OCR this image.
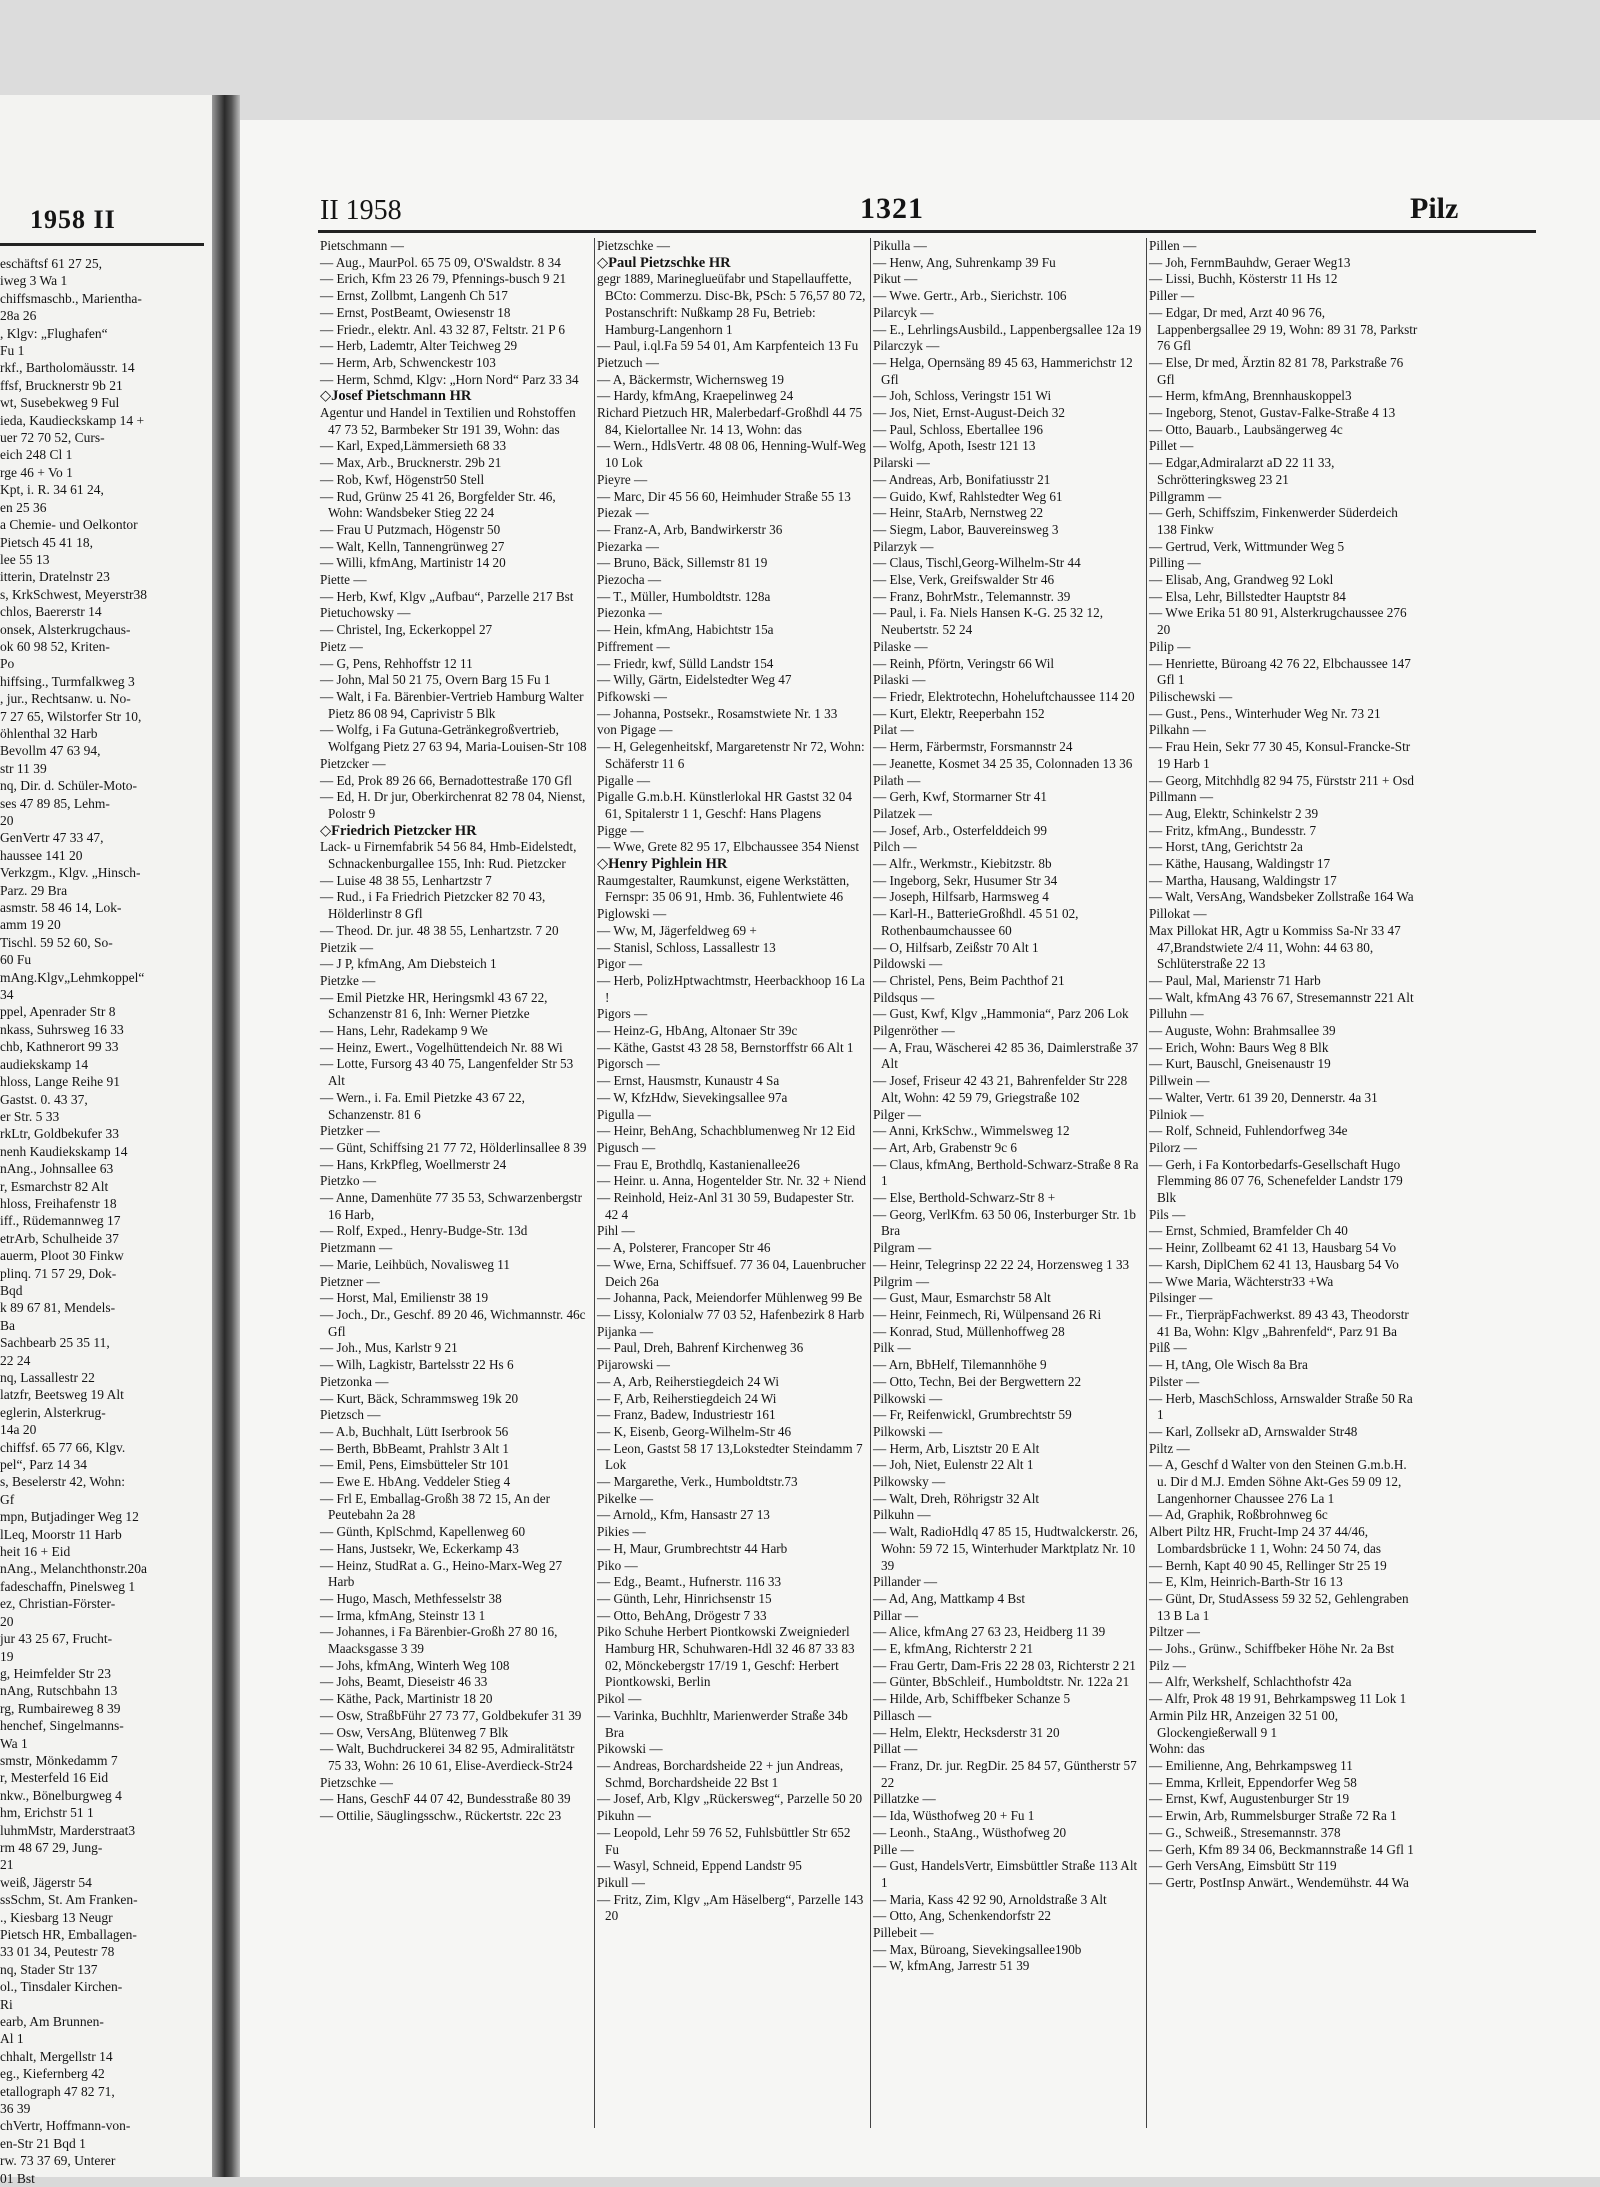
1958 II
eschäftsf 61 27 25,
iweg 3 Wa 1
chiffsmaschb., Marientha-
28a 26
, Klgv: „Flughafen“
Fu 1
rkf., Bartholomäusstr. 14
ffsf, Brucknerstr 9b 21
wt, Susebekweg 9 Ful
ieda, Kaudieckskamp 14 +
uer 72 70 52, Curs-
eich 248 Cl 1
rge 46 + Vo 1
Kpt, i. R. 34 61 24,
en 25 36
a Chemie- und Oelkontor
Pietsch 45 41 18,
lee 55 13
itterin, Dratelnstr 23
s, KrkSchwest, Meyerstr38
chlos, Baererstr 14
onsek, Alsterkrugchaus-
ok 60 98 52, Kriten-
Po
hiffsing., Turmfalkweg 3
, jur., Rechtsanw. u. No-
7 27 65, Wilstorfer Str 10,
öhlenthal 32 Harb
Bevollm 47 63 94,
str 11 39
nq, Dir. d. Schüler-Moto-
ses 47 89 85, Lehm-
20
GenVertr 47 33 47,
haussee 141 20
Verkzgm., Klgv. „Hinsch-
Parz. 29 Bra
asmstr. 58 46 14, Lok-
amm 19 20
Tischl. 59 52 60, So-
60 Fu
mAng.Klgv„Lehmkoppel“
34
ppel, Apenrader Str 8
nkass, Suhrsweg 16 33
chb, Kathnerort 99 33
audiekskamp 14
hloss, Lange Reihe 91
Gastst. 0. 43 37,
er Str. 5 33
rkLtr, Goldbekufer 33
nenh Kaudiekskamp 14
nAng., Johnsallee 63
r, Esmarchstr 82 Alt
hloss, Freihafenstr 18
iff., Rüdemannweg 17
etrArb, Schulheide 37
auerm, Ploot 30 Finkw
plinq. 71 57 29, Dok-
Bqd
k 89 67 81, Mendels-
Ba
Sachbearb 25 35 11,
22 24
nq, Lassallestr 22
latzfr, Beetsweg 19 Alt
eglerin, Alsterkrug-
14a 20
chiffsf. 65 77 66, Klgv.
pel“, Parz 14 34
s, Beselerstr 42, Wohn:
Gf
mpn, Butjadinger Weg 12
lLeq, Moorstr 11 Harb
heit 16 + Eid
nAng., Melanchthonstr.20a
fadeschaffn, Pinelsweg 1
ez, Christian-Förster-
20
jur 43 25 67, Frucht-
19
g, Heimfelder Str 23
nAng, Rutschbahn 13
rg, Rumbaireweg 8 39
henchef, Singelmanns-
Wa 1
smstr, Mönkedamm 7
r, Mesterfeld 16 Eid
nkw., Bönelburgweg 4
hm, Erichstr 51 1
luhmMstr, Marderstraat3
rm 48 67 29, Jung-
21
weiß, Jägerstr 54
ssSchm, St. Am Franken-
., Kiesbarg 13 Neugr
Pietsch HR, Emballagen-
33 01 34, Peutestr 78
nq, Stader Str 137
ol., Tinsdaler Kirchen-
Ri
earb, Am Brunnen-
Al 1
chhalt, Mergellstr 14
eg., Kiefernberg 42
etallograph 47 82 71,
36 39
chVertr, Hoffmann-von-
en-Str 21 Bqd 1
rw. 73 37 69, Unterer
01 Bst
II 1958	1321	Pilz
Pietschmann —
— Aug., MaurPol. 65 75 09, O'Swaldstr. 8 34
— Erich, Kfm 23 26 79, Pfennings-busch 9 21
— Ernst, Zollbmt, Langenh Ch 517
— Ernst, PostBeamt, Owiesenstr 18
— Friedr., elektr. Anl. 43 32 87, Feltstr. 21 P 6
— Herb, Lademtr, Alter Teichweg 29
— Herm, Arb, Schwenckestr 103
— Herm, Schmd, Klgv: „Horn Nord“ Parz 33 34
◇ Josef Pietschmann HR
Agentur und Handel in Textilien und Rohstoffen 47 73 52, Barmbeker Str 191 39, Wohn: das
— Karl, Exped,Lämmersieth 68 33
— Max, Arb., Brucknerstr. 29b 21
— Rob, Kwf, Högenstr50 Stell
— Rud, Grünw 25 41 26, Borgfelder Str. 46, Wohn: Wandsbeker Stieg 22 24
— Frau U Putzmach, Högenstr 50
— Walt, Kelln, Tannengrünweg 27
— Willi, kfmAng, Martinistr 14 20
Piette —
— Herb, Kwf, Klgv „Aufbau“, Parzelle 217 Bst
Pietuchowsky —
— Christel, Ing, Eckerkoppel 27
Pietz —
— G, Pens, Rehhoffstr 12 11
— John, Mal 50 21 75, Overn Barg 15 Fu 1
— Walt, i Fa. Bärenbier-Vertrieb Hamburg Walter Pietz 86 08 94, Caprivistr 5 Blk
— Wolfg, i Fa Gutuna-Getränkegroßvertrieb, Wolfgang Pietz 27 63 94, Maria-Louisen-Str 108
Pietzcker —
— Ed, Prok 89 26 66, Bernadottestraße 170 Gfl
— Ed, H. Dr jur, Oberkirchenrat 82 78 04, Nienst, Polostr 9
◇ Friedrich Pietzcker HR
Lack- u Firnemfabrik 54 56 84, Hmb-Eidelstedt, Schnackenburgallee 155, Inh: Rud. Pietzcker
— Luise 48 38 55, Lenhartzstr 7
— Rud., i Fa Friedrich Pietzcker 82 70 43, Hölderlinstr 8 Gfl
— Theod. Dr. jur. 48 38 55, Lenhartzstr. 7 20
Pietzik —
— J P, kfmAng, Am Diebsteich 1
Pietzke —
— Emil Pietzke HR, Heringsmkl 43 67 22, Schanzenstr 81 6, Inh: Werner Pietzke
— Hans, Lehr, Radekamp 9 We
— Heinz, Ewert., Vogelhüttendeich Nr. 88 Wi
— Lotte, Fursorg 43 40 75, Langenfelder Str 53 Alt
— Wern., i. Fa. Emil Pietzke 43 67 22, Schanzenstr. 81 6
Pietzker —
— Günt, Schiffsing 21 77 72, Hölderlinsallee 8 39
— Hans, KrkPfleg, Woellmerstr 24
Pietzko —
— Anne, Damenhüte 77 35 53, Schwarzenbergstr 16 Harb,
— Rolf, Exped., Henry-Budge-Str. 13d
Pietzmann —
— Marie, Leihbüch, Novalisweg 11
Pietzner —
— Horst, Mal, Emilienstr 38 19
— Joch., Dr., Geschf. 89 20 46, Wichmannstr. 46c Gfl
— Joh., Mus, Karlstr 9 21
— Wilh, Lagkistr, Bartelsstr 22 Hs 6
Pietzonka —
— Kurt, Bäck, Schrammsweg 19k 20
Pietzsch —
— A.b, Buchhalt, Lütt Iserbrook 56
— Berth, BbBeamt, Prahlstr 3 Alt 1
— Emil, Pens, Eimsbütteler Str 101
— Ewe E. HbAng. Veddeler Stieg 4
— Frl E, Emballag-Großh 38 72 15, An der Peutebahn 2a 28
— Günth, KplSchmd, Kapellenweg 60
— Hans, Justsekr, We, Eckerkamp 43
— Heinz, StudRat a. G., Heino-Marx-Weg 27 Harb
— Hugo, Masch, Methfesselstr 38
— Irma, kfmAng, Steinstr 13 1
— Johannes, i Fa Bärenbier-Großh 27 80 16, Maacksgasse 3 39
— Johs, kfmAng, Winterh Weg 108
— Johs, Beamt, Dieseistr 46 33
— Käthe, Pack, Martinistr 18 20
— Osw, StraßbFühr 27 73 77, Goldbekufer 31 39
— Osw, VersAng, Blütenweg 7 Blk
— Walt, Buchdruckerei 34 82 95, Admiralitätstr 75 33, Wohn: 26 10 61, Elise-Averdieck-Str24
Pietzschke —
— Hans, GeschF 44 07 42, Bundesstraße 80 39
— Ottilie, Säuglingsschw., Rückertstr. 22c 23
Pietzschke —
◇ Paul Pietzschke HR
gegr 1889, Marineglueüfabr und Stapellauffette, BCto: Commerzu. Disc-Bk, PSch: 5 76,57 80 72, Postanschrift: Nußkamp 28 Fu, Betrieb: Hamburg-Langenhorn 1
— Paul, i.ql.Fa 59 54 01, Am Karpfenteich 13 Fu
Pietzuch —
— A, Bäckermstr, Wichernsweg 19
— Hardy, kfmAng, Kraepelinweg 24
Richard Pietzuch HR, Malerbedarf-Großhdl 44 75 84, Kielortallee Nr. 14 13, Wohn: das
— Wern., HdlsVertr. 48 08 06, Henning-Wulf-Weg 10 Lok
Pieyre —
— Marc, Dir 45 56 60, Heimhuder Straße 55 13
Piezak —
— Franz-A, Arb, Bandwirkerstr 36
Piezarka —
— Bruno, Bäck, Sillemstr 81 19
Piezocha —
— T., Müller, Humboldtstr. 128a
Piezonka —
— Hein, kfmAng, Habichtstr 15a
Piffrement —
— Friedr, kwf, Sülld Landstr 154
— Willy, Gärtn, Eidelstedter Weg 47
Pifkowski —
— Johanna, Postsekr., Rosamstwiete Nr. 1 33
von Pigage —
— H, Gelegenheitskf, Margaretenstr Nr 72, Wohn: Schäferstr 11 6
Pigalle —
Pigalle G.m.b.H. Künstlerlokal HR Gastst 32 04 61, Spitalerstr 1 1, Geschf: Hans Plagens
Pigge —
— Wwe, Grete 82 95 17, Elbchaussee 354 Nienst
◇ Henry Pighlein HR
Raumgestalter, Raumkunst, eigene Werkstätten, Fernspr: 35 06 91, Hmb. 36, Fuhlentwiete 46
Piglowski —
— Ww, M, Jägerfeldweg 69 +
— Stanisl, Schloss, Lassallestr 13
Pigor —
— Herb, PolizHptwachtmstr, Heerbackhoop 16 La !
Pigors —
— Heinz-G, HbAng, Altonaer Str 39c
— Käthe, Gastst 43 28 58, Bernstorffstr 66 Alt 1
Pigorsch —
— Ernst, Hausmstr, Kunaustr 4 Sa
— W, KfzHdw, Sievekingsallee 97a
Pigulla —
— Heinr, BehAng, Schachblumenweg Nr 12 Eid
Pigusch —
— Frau E, Brothdlq, Kastanienallee26
— Heinr. u. Anna, Hogentelder Str. Nr. 32 + Niend
— Reinhold, Heiz-Anl 31 30 59, Budapester Str. 42 4
Pihl —
— A, Polsterer, Francoper Str 46
— Wwe, Erna, Schiffsuef. 77 36 04, Lauenbrucher Deich 26a
— Johanna, Pack, Meiendorfer Mühlenweg 99 Be
— Lissy, Kolonialw 77 03 52, Hafenbezirk 8 Harb
Pijanka —
— Paul, Dreh, Bahrenf Kirchenweg 36
Pijarowski —
— A, Arb, Reiherstiegdeich 24 Wi
— F, Arb, Reiherstiegdeich 24 Wi
— Franz, Badew, Industriestr 161
— K, Eisenb, Georg-Wilhelm-Str 46
— Leon, Gastst 58 17 13,Lokstedter Steindamm 7 Lok
— Margarethe, Verk., Humboldtstr.73
Pikelke —
— Arnold,, Kfm, Hansastr 27 13
Pikies —
— H, Maur, Grumbrechtstr 44 Harb
Piko —
— Edg., Beamt., Hufnerstr. 116 33
— Günth, Lehr, Hinrichsenstr 15
— Otto, BehAng, Drögestr 7 33
Piko Schuhe Herbert Piontkowski Zweigniederl Hamburg HR, Schuhwaren-Hdl 32 46 87 33 83 02, Mönckebergstr 17/19 1, Geschf: Herbert Piontkowski, Berlin
Pikol —
— Varinka, Buchhltr, Marienwerder Straße 34b Bra
Pikowski —
— Andreas, Borchardsheide 22 + jun Andreas, Schmd, Borchardsheide 22 Bst 1
— Josef, Arb, Klgv „Rückersweg“, Parzelle 50 20
Pikuhn —
— Leopold, Lehr 59 76 52, Fuhlsbüttler Str 652 Fu
— Wasyl, Schneid, Eppend Landstr 95
Pikull —
— Fritz, Zim, Klgv „Am Häselberg“, Parzelle 143 20
Pikulla —
— Henw, Ang, Suhrenkamp 39 Fu
Pikut —
— Wwe. Gertr., Arb., Sierichstr. 106
Pilarcyk —
— E., LehrlingsAusbild., Lappenbergsallee 12a 19
Pilarczyk —
— Helga, Opernsäng 89 45 63, Hammerichstr 12 Gfl
— Joh, Schloss, Veringstr 151 Wi
— Jos, Niet, Ernst-August-Deich 32
— Paul, Schloss, Ebertallee 196
— Wolfg, Apoth, Isestr 121 13
Pilarski —
— Andreas, Arb, Bonifatiusstr 21
— Guido, Kwf, Rahlstedter Weg 61
— Heinr, StaArb, Nernstweg 22
— Siegm, Labor, Bauvereinsweg 3
Pilarzyk —
— Claus, Tischl,Georg-Wilhelm-Str 44
— Else, Verk, Greifswalder Str 46
— Franz, BohrMstr., Telemannstr. 39
— Paul, i. Fa. Niels Hansen K-G. 25 32 12, Neubertstr. 52 24
Pilaske —
— Reinh, Pförtn, Veringstr 66 Wil
Pilaski —
— Friedr, Elektrotechn, Hoheluftchaussee 114 20
— Kurt, Elektr, Reeperbahn 152
Pilat —
— Herm, Färbermstr, Forsmannstr 24
— Jeanette, Kosmet 34 25 35, Colonnaden 13 36
Pilath —
— Gerh, Kwf, Stormarner Str 41
Pilatzek —
— Josef, Arb., Osterfelddeich 99
Pilch —
— Alfr., Werkmstr., Kiebitzstr. 8b
— Ingeborg, Sekr, Husumer Str 34
— Joseph, Hilfsarb, Harmsweg 4
— Karl-H., BatterieGroßhdl. 45 51 02, Rothenbaumchaussee 60
— O, Hilfsarb, Zeißstr 70 Alt 1
Pildowski —
— Christel, Pens, Beim Pachthof 21
Pildsqus —
— Gust, Kwf, Klgv „Hammonia“, Parz 206 Lok
Pilgenröther —
— A, Frau, Wäscherei 42 85 36, Daimlerstraße 37 Alt
— Josef, Friseur 42 43 21, Bahrenfelder Str 228 Alt, Wohn: 42 59 79, Griegstraße 102
Pilger —
— Anni, KrkSchw., Wimmelsweg 12
— Art, Arb, Grabenstr 9c 6
— Claus, kfmAng, Berthold-Schwarz-Straße 8 Ra 1
— Else, Berthold-Schwarz-Str 8 +
— Georg, VerlKfm. 63 50 06, Insterburger Str. 1b Bra
Pilgram —
— Heinr, Telegrinsp 22 22 24, Horzensweg 1 33
Pilgrim —
— Gust, Maur, Esmarchstr 58 Alt
— Heinr, Feinmech, Ri, Wülpensand 26 Ri
— Konrad, Stud, Müllenhoffweg 28
Pilk —
— Arn, BbHelf, Tilemannhöhe 9
— Otto, Techn, Bei der Bergwettern 22
Pilkowski —
— Fr, Reifenwickl, Grumbrechtstr 59
Pilkowski —
— Herm, Arb, Lisztstr 20 E Alt
— Joh, Niet, Eulenstr 22 Alt 1
Pilkowsky —
— Walt, Dreh, Röhrigstr 32 Alt
Pilkuhn —
— Walt, RadioHdlq 47 85 15, Hudtwalckerstr. 26, Wohn: 59 72 15, Winterhuder Marktplatz Nr. 10 39
Pillander —
— Ad, Ang, Mattkamp 4 Bst
Pillar —
— Alice, kfmAng 27 63 23, Heidberg 11 39
— E, kfmAng, Richterstr 2 21
— Frau Gertr, Dam-Fris 22 28 03, Richterstr 2 21
— Günter, BbSchleif., Humboldtstr. Nr. 122a 21
— Hilde, Arb, Schiffbeker Schanze 5
Pillasch —
— Helm, Elektr, Hecksderstr 31 20
Pillat —
— Franz, Dr. jur. RegDir. 25 84 57, Güntherstr 57 22
Pillatzke —
— Ida, Wüsthofweg 20 + Fu 1
— Leonh., StaAng., Wüsthofweg 20
Pille —
— Gust, HandelsVertr, Eimsbüttler Straße 113 Alt 1
— Maria, Kass 42 92 90, Arnoldstraße 3 Alt
— Otto, Ang, Schenkendorfstr 22
Pillebeit —
— Max, Büroang, Sievekingsallee190b
— W, kfmAng, Jarrestr 51 39
Pillen —
— Joh, FernmBauhdw, Geraer Weg13
— Lissi, Buchh, Kösterstr 11 Hs 12
Piller —
— Edgar, Dr med, Arzt 40 96 76, Lappenbergsallee 29 19, Wohn: 89 31 78, Parkstr 76 Gfl
— Else, Dr med, Ärztin 82 81 78, Parkstraße 76 Gfl
— Herm, kfmAng, Brennhauskoppel3
— Ingeborg, Stenot, Gustav-Falke-Straße 4 13
— Otto, Bauarb., Laubsängerweg 4c
Pillet —
— Edgar,Admiralarzt aD 22 11 33, Schrötteringksweg 23 21
Pillgramm —
— Gerh, Schiffszim, Finkenwerder Süderdeich 138 Finkw
— Gertrud, Verk, Wittmunder Weg 5
Pilling —
— Elisab, Ang, Grandweg 92 Lokl
— Elsa, Lehr, Billstedter Hauptstr 84
— Wwe Erika 51 80 91, Alsterkrugchaussee 276 20
Pilip —
— Henriette, Büroang 42 76 22, Elbchaussee 147 Gfl 1
Pilischewski —
— Gust., Pens., Winterhuder Weg Nr. 73 21
Pilkahn —
— Frau Hein, Sekr 77 30 45, Konsul-Francke-Str 19 Harb 1
— Georg, Mitchhdlg 82 94 75, Fürststr 211 + Osd
Pillmann —
— Aug, Elektr, Schinkelstr 2 39
— Fritz, kfmAng., Bundesstr. 7
— Horst, tAng, Gerichtstr 2a
— Käthe, Hausang, Waldingstr 17
— Martha, Hausang, Waldingstr 17
— Walt, VersAng, Wandsbeker Zollstraße 164 Wa
Pillokat —
Max Pillokat HR, Agtr u Kommiss Sa-Nr 33 47 47,Brandstwiete 2/4 11, Wohn: 44 63 80, Schlüterstraße 22 13
— Paul, Mal, Marienstr 71 Harb
— Walt, kfmAng 43 76 67, Stresemannstr 221 Alt
Pilluhn —
— Auguste, Wohn: Brahmsallee 39
— Erich, Wohn: Baurs Weg 8 Blk
— Kurt, Bauschl, Gneisenaustr 19
Pillwein —
— Walter, Vertr. 61 39 20, Dennerstr. 4a 31
Pilniok —
— Rolf, Schneid, Fuhlendorfweg 34e
Pilorz —
— Gerh, i Fa Kontorbedarfs-Gesellschaft Hugo Flemming 86 07 76, Schenefelder Landstr 179 Blk
Pils —
— Ernst, Schmied, Bramfelder Ch 40
— Heinr, Zollbeamt 62 41 13, Hausbarg 54 Vo
— Karsh, DiplChem 62 41 13, Hausbarg 54 Vo
— Wwe Maria, Wächterstr33 +Wa
Pilsinger —
— Fr., TierpräpFachwerkst. 89 43 43, Theodorstr 41 Ba, Wohn: Klgv „Bahrenfeld“, Parz 91 Ba
Pilß —
— H, tAng, Ole Wisch 8a Bra
Pilster —
— Herb, MaschSchloss, Arnswalder Straße 50 Ra 1
— Karl, Zollsekr aD, Arnswalder Str48
Piltz —
— A, Geschf d Walter von den Steinen G.m.b.H. u. Dir d M.J. Emden Söhne Akt-Ges 59 09 12, Langenhorner Chaussee 276 La 1
— Ad, Graphik, Roßbrohnweg 6c
Albert Piltz HR, Frucht-Imp 24 37 44/46, Lombardsbrücke 1 1, Wohn: 24 50 74, das
— Bernh, Kapt 40 90 45, Rellinger Str 25 19
— E, Klm, Heinrich-Barth-Str 16 13
— Günt, Dr, StudAssess 59 32 52, Gehlengraben 13 B La 1
Piltzer —
— Johs., Grünw., Schiffbeker Höhe Nr. 2a Bst
Pilz —
— Alfr, Werkshelf, Schlachthofstr 42a
— Alfr, Prok 48 19 91, Behrkampsweg 11 Lok 1
Armin Pilz HR, Anzeigen 32 51 00, Glockengießerwall 9 1
Wohn: das
— Emilienne, Ang, Behrkampsweg 11
— Emma, Krlleit, Eppendorfer Weg 58
— Ernst, Kwf, Augustenburger Str 19
— Erwin, Arb, Rummelsburger Straße 72 Ra 1
— G., Schweiß., Stresemannstr. 378
— Gerh, Kfm 89 34 06, Beckmannstraße 14 Gfl 1
— Gerh VersAng, Eimsbütt Str 119
— Gertr, PostInsp Anwärt., Wendemühstr. 44 Wa
